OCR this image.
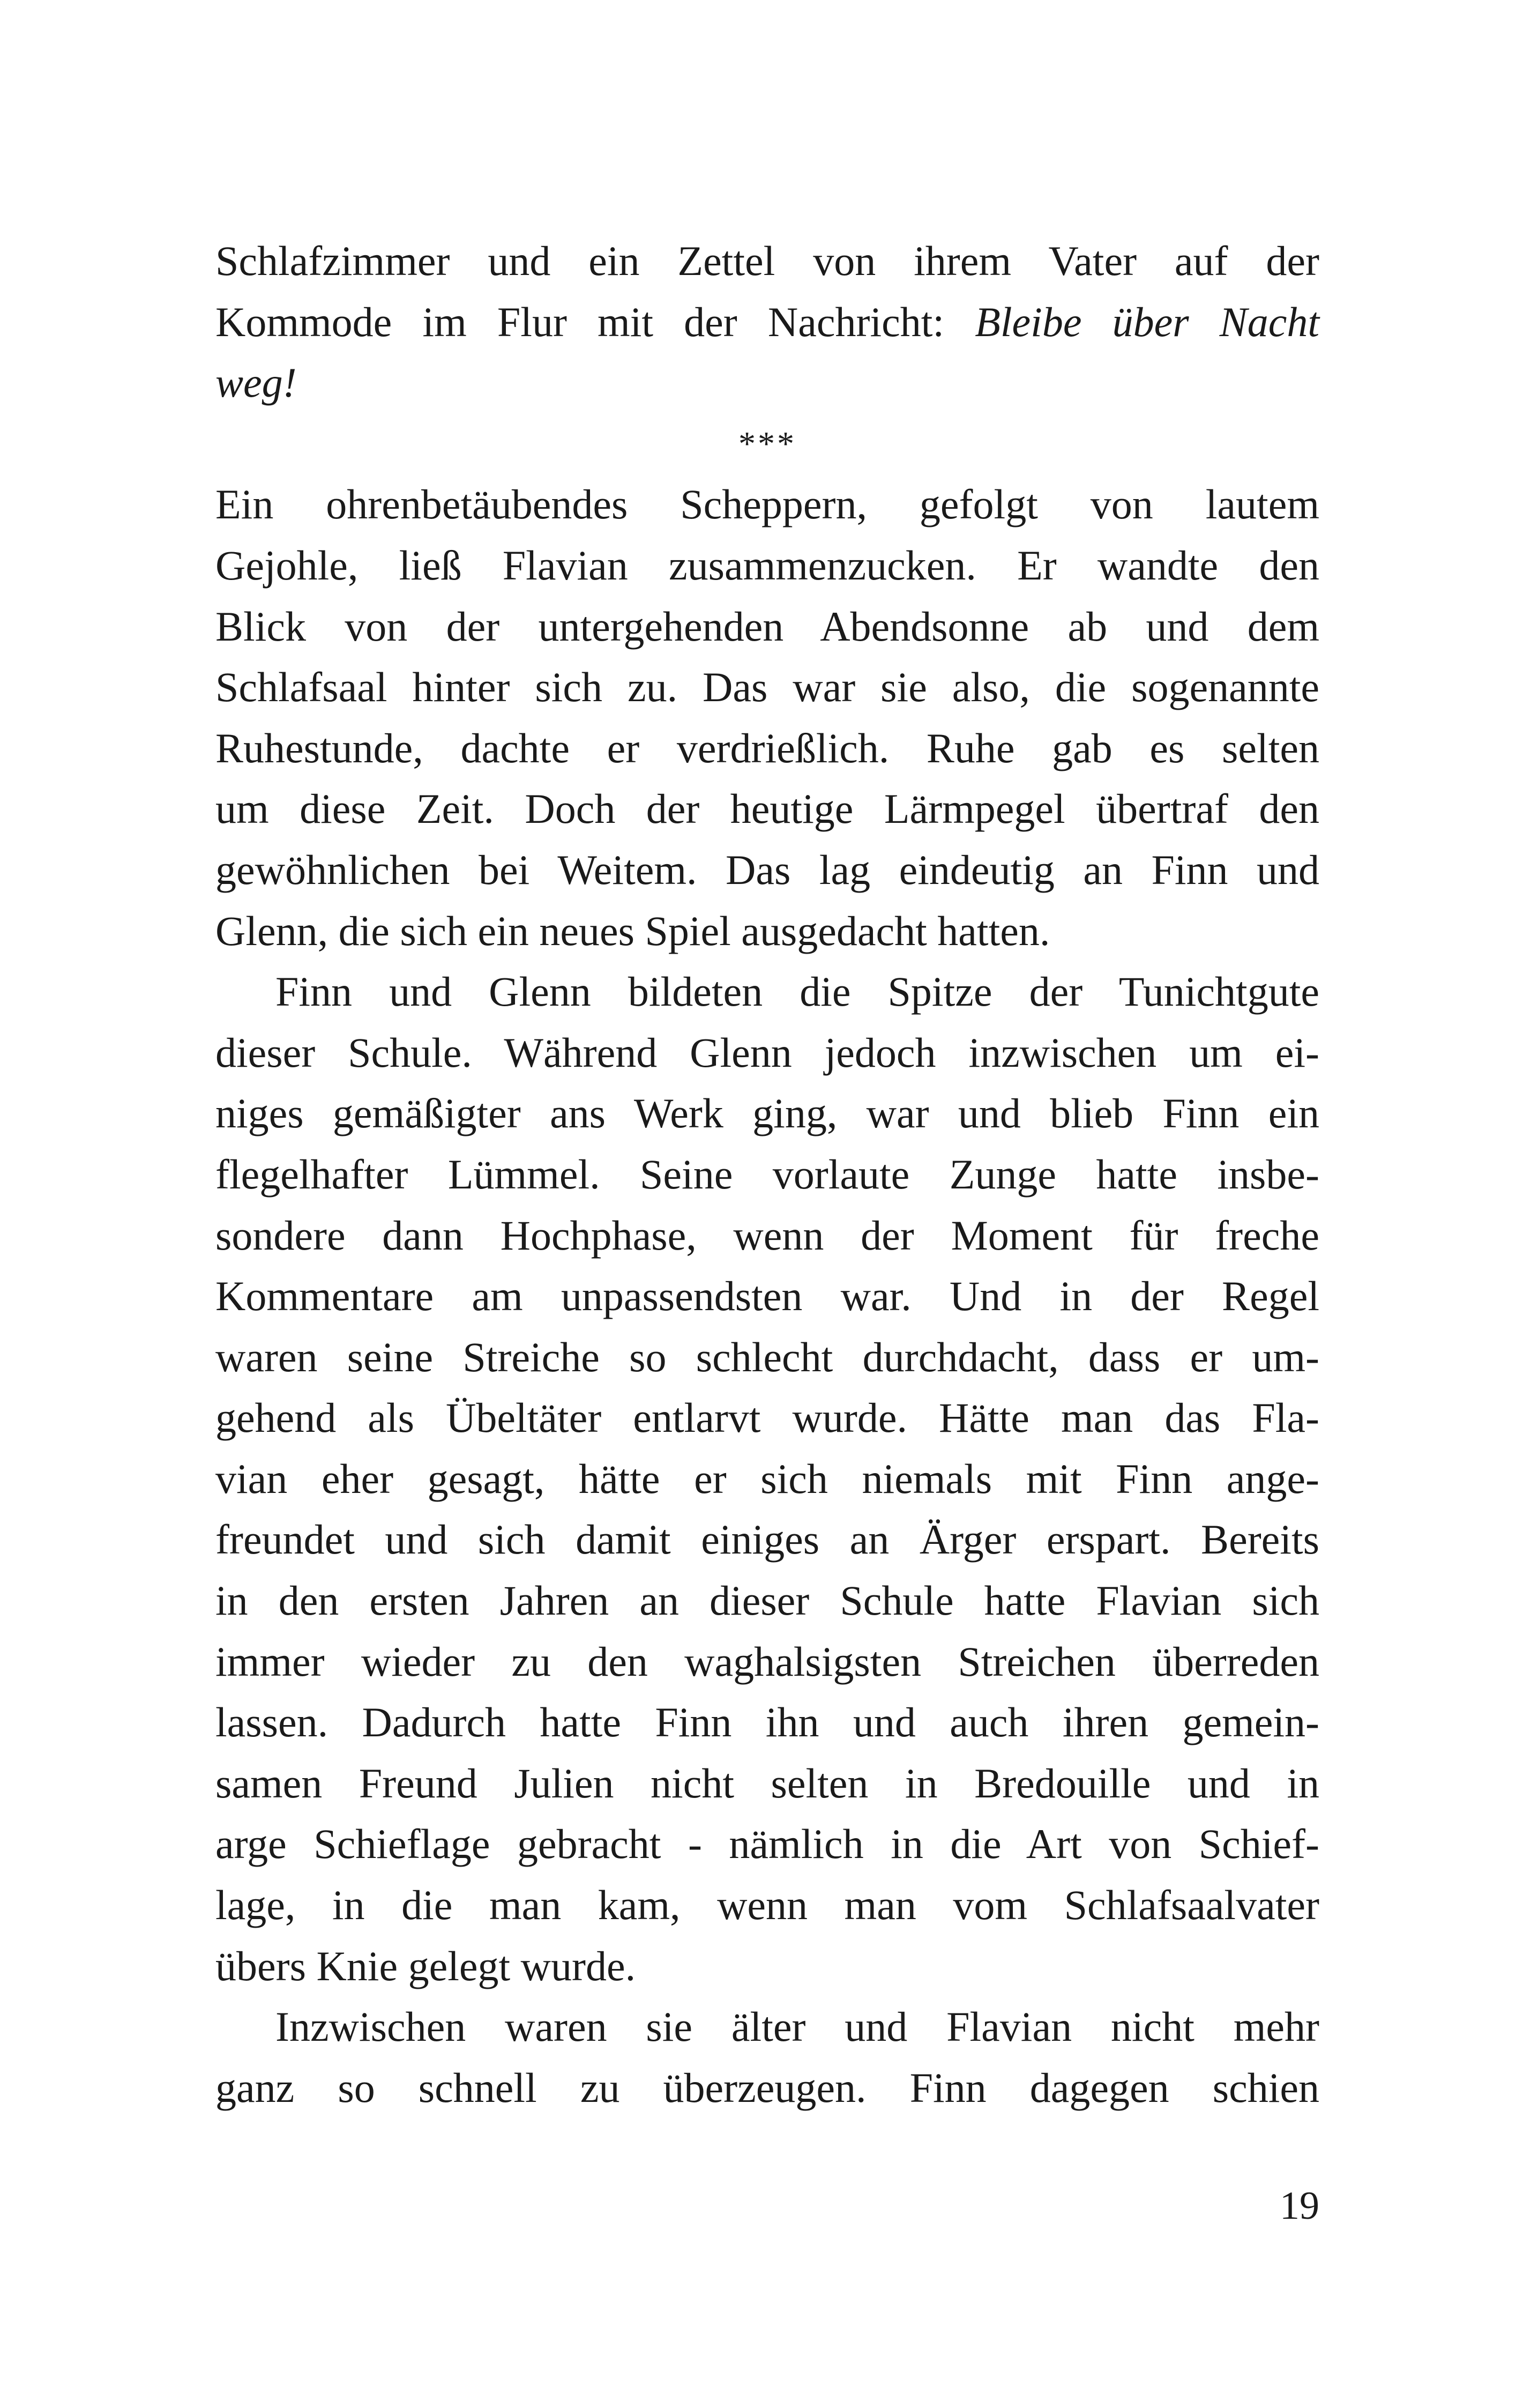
Schlafzimmer und ein Zettel von ihrem Vater auf der
Kommode im Flur mit der Nachricht: Bleibe über Nacht
weg!
***
Ein ohrenbetäubendes Scheppern, gefolgt von lautem
Gejohle, ließ Flavian zusammenzucken. Er wandte den
Blick von der untergehenden Abendsonne ab und dem
Schlafsaal hinter sich zu. Das war sie also, die sogenannte
Ruhestunde, dachte er verdrießlich. Ruhe gab es selten
um diese Zeit. Doch der heutige Lärmpegel übertraf den
gewöhnlichen bei Weitem. Das lag eindeutig an Finn und
Glenn, die sich ein neues Spiel ausgedacht hatten.
Finn und Glenn bildeten die Spitze der Tunichtgute
dieser Schule. Während Glenn jedoch inzwischen um ei-
niges gemäßigter ans Werk ging, war und blieb Finn ein
flegelhafter Lümmel. Seine vorlaute Zunge hatte insbe-
sondere dann Hochphase, wenn der Moment für freche
Kommentare am unpassendsten war. Und in der Regel
waren seine Streiche so schlecht durchdacht, dass er um-
gehend als Übeltäter entlarvt wurde. Hätte man das Fla-
vian eher gesagt, hätte er sich niemals mit Finn ange-
freundet und sich damit einiges an Ärger erspart. Bereits
in den ersten Jahren an dieser Schule hatte Flavian sich
immer wieder zu den waghalsigsten Streichen überreden
lassen. Dadurch hatte Finn ihn und auch ihren gemein-
samen Freund Julien nicht selten in Bredouille und in
arge Schieflage gebracht - nämlich in die Art von Schief-
lage, in die man kam, wenn man vom Schlafsaalvater
übers Knie gelegt wurde.
Inzwischen waren sie älter und Flavian nicht mehr
ganz so schnell zu überzeugen. Finn dagegen schien
19
